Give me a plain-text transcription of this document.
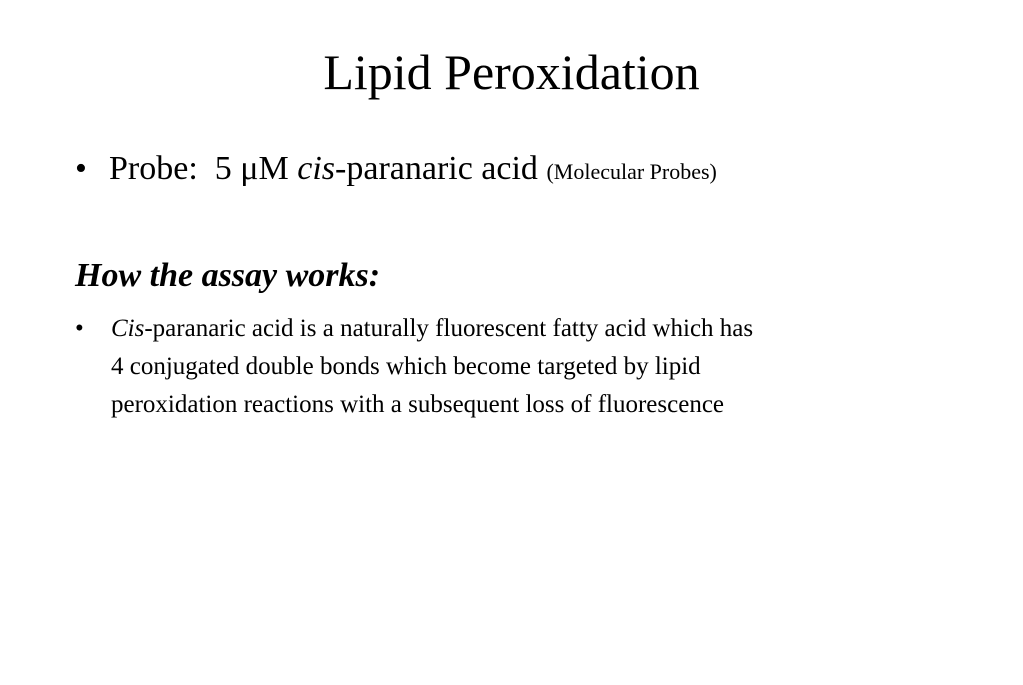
Lipid Peroxidation
• Probe: 5 μM cis-paranaric acid (Molecular Probes)
How the assay works:
•	Cis-paranaric acid is a naturally fluorescent fatty acid which has
4 conjugated double bonds which become targeted by lipid
peroxidation reactions with a subsequent loss of fluorescence
